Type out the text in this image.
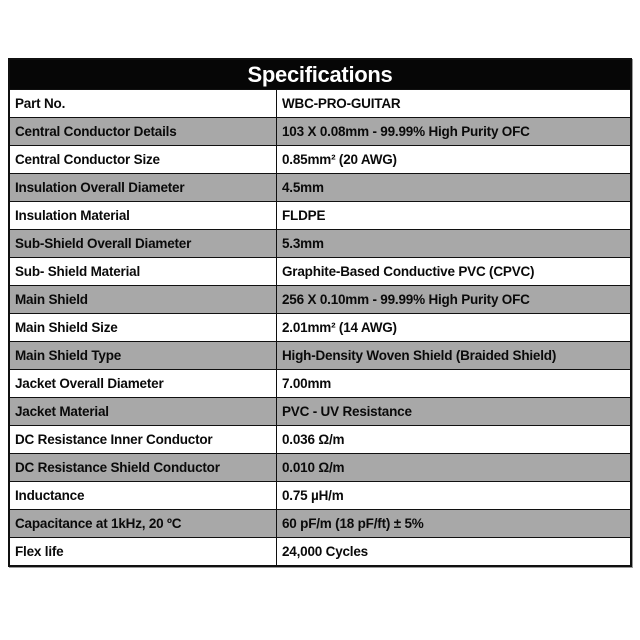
Specifications
Part No.	WBC-PRO-GUITAR
Central Conductor Details	103 X 0.08mm - 99.99% High Purity OFC
Central Conductor Size	0.85mm² (20 AWG)
Insulation Overall Diameter	4.5mm
Insulation Material	FLDPE
Sub-Shield Overall Diameter	5.3mm
Sub- Shield Material	Graphite-Based Conductive PVC (CPVC)
Main Shield	256 X 0.10mm - 99.99% High Purity OFC
Main Shield Size	2.01mm² (14 AWG)
Main Shield Type	High-Density Woven Shield (Braided Shield)
Jacket Overall Diameter	7.00mm
Jacket Material	PVC - UV Resistance
DC Resistance Inner Conductor	0.036 Ω/m
DC Resistance Shield Conductor	0.010 Ω/m
Inductance	0.75 µH/m
Capacitance at 1kHz, 20 ºC	60 pF/m (18 pF/ft) ± 5%
Flex life	24,000 Cycles
